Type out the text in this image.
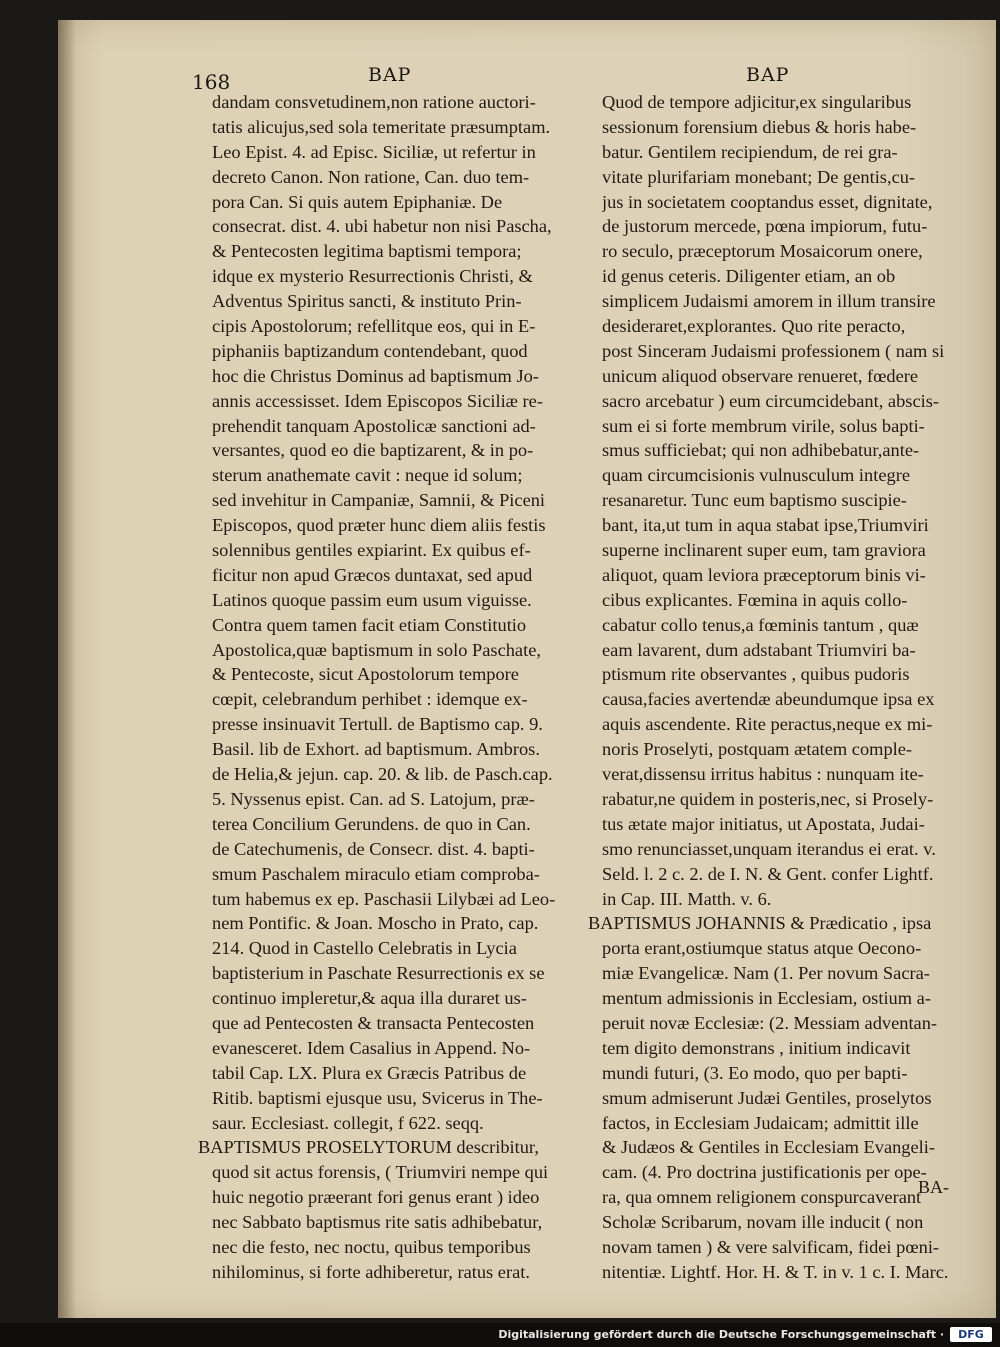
168	BAP	BAP
dandam consvetudinem,non ratione auctori-
tatis alicujus,sed sola temeritate præsumptam.
Leo Epist. 4. ad Episc. Siciliæ, ut refertur in
decreto Canon. Non ratione, Can. duo tem-
pora Can. Si quis autem Epiphaniæ. De
consecrat. dist. 4. ubi habetur non nisi Pascha,
& Pentecosten legitima baptismi tempora;
idque ex mysterio Resurrectionis Christi, &
Adventus Spiritus sancti, & instituto Prin-
cipis Apostolorum; refellitque eos, qui in E-
piphaniis baptizandum contendebant, quod
hoc die Christus Dominus ad baptismum Jo-
annis accessisset. Idem Episcopos Siciliæ re-
prehendit tanquam Apostolicæ sanctioni ad-
versantes, quod eo die baptizarent, & in po-
sterum anathemate cavit : neque id solum;
sed invehitur in Campaniæ, Samnii, & Piceni
Episcopos, quod præter hunc diem aliis festis
solennibus gentiles expiarint. Ex quibus ef-
ficitur non apud Græcos duntaxat, sed apud
Latinos quoque passim eum usum viguisse.
Contra quem tamen facit etiam Constitutio
Apostolica,quæ baptismum in solo Paschate,
& Pentecoste, sicut Apostolorum tempore
cœpit, celebrandum perhibet : idemque ex-
presse insinuavit Tertull. de Baptismo cap. 9.
Basil. lib de Exhort. ad baptismum. Ambros.
de Helia,& jejun. cap. 20. & lib. de Pasch.cap.
5. Nyssenus epist. Can. ad S. Latojum, præ-
terea Concilium Gerundens. de quo in Can.
de Catechumenis, de Consecr. dist. 4. bapti-
smum Paschalem miraculo etiam comproba-
tum habemus ex ep. Paschasii Lilybæi ad Leo-
nem Pontific. & Joan. Moscho in Prato, cap.
214. Quod in Castello Celebratis in Lycia
baptisterium in Paschate Resurrectionis ex se
continuo impleretur,& aqua illa duraret us-
que ad Pentecosten & transacta Pentecosten
evanesceret. Idem Casalius in Append. No-
tabil Cap. LX. Plura ex Græcis Patribus de
Ritib. baptismi ejusque usu, Svicerus in The-
saur. Ecclesiast. collegit, f 622. seqq.
BAPTISMUS PROSELYTORUM describitur,
quod sit actus forensis, ( Triumviri nempe qui
huic negotio præerant fori genus erant ) ideo
nec Sabbato baptismus rite satis adhibebatur,
nec die festo, nec noctu, quibus temporibus
nihilominus, si forte adhiberetur, ratus erat.
Quod de tempore adjicitur,ex singularibus
sessionum forensium diebus & horis habe-
batur. Gentilem recipiendum, de rei gra-
vitate plurifariam monebant; De gentis,cu-
jus in societatem cooptandus esset, dignitate,
de justorum mercede, pœna impiorum, futu-
ro seculo, præceptorum Mosaicorum onere,
id genus ceteris. Diligenter etiam, an ob
simplicem Judaismi amorem in illum transire
desideraret,explorantes. Quo rite peracto,
post Sinceram Judaismi professionem ( nam si
unicum aliquod observare renueret, fœdere
sacro arcebatur ) eum circumcidebant, abscis-
sum ei si forte membrum virile, solus bapti-
smus sufficiebat; qui non adhibebatur,ante-
quam circumcisionis vulnusculum integre
resanaretur. Tunc eum baptismo suscipie-
bant, ita,ut tum in aqua stabat ipse,Triumviri
superne inclinarent super eum, tam graviora
aliquot, quam leviora præceptorum binis vi-
cibus explicantes. Fœmina in aquis collo-
cabatur collo tenus,a fœminis tantum , quæ
eam lavarent, dum adstabant Triumviri ba-
ptismum rite observantes , quibus pudoris
causa,facies avertendæ abeundumque ipsa ex
aquis ascendente. Rite peractus,neque ex mi-
noris Proselyti, postquam ætatem comple-
verat,dissensu irritus habitus : nunquam ite-
rabatur,ne quidem in posteris,nec, si Prosely-
tus ætate major initiatus, ut Apostata, Judai-
smo renunciasset,unquam iterandus ei erat. v.
Seld. l. 2 c. 2. de I. N. & Gent. confer Lightf.
in Cap. III. Matth. v. 6.
BAPTISMUS JOHANNIS & Prædicatio , ipsa
porta erant,ostiumque status atque Oecono-
miæ Evangelicæ. Nam (1. Per novum Sacra-
mentum admissionis in Ecclesiam, ostium a-
peruit novæ Ecclesiæ: (2. Messiam adventan-
tem digito demonstrans , initium indicavit
mundi futuri, (3. Eo modo, quo per bapti-
smum admiserunt Judæi Gentiles, proselytos
factos, in Ecclesiam Judaicam; admittit ille
& Judæos & Gentiles in Ecclesiam Evangeli-
cam. (4. Pro doctrina justificationis per ope-
ra, qua omnem religionem conspurcaverant
Scholæ Scribarum, novam ille inducit ( non
novam tamen ) & vere salvificam, fidei pœni-
nitentiæ. Lightf. Hor. H. & T. in v. 1 c. I. Marc.
BA-
Digitalisierung gefördert durch die Deutsche Forschungsgemeinschaft ·	DFG
